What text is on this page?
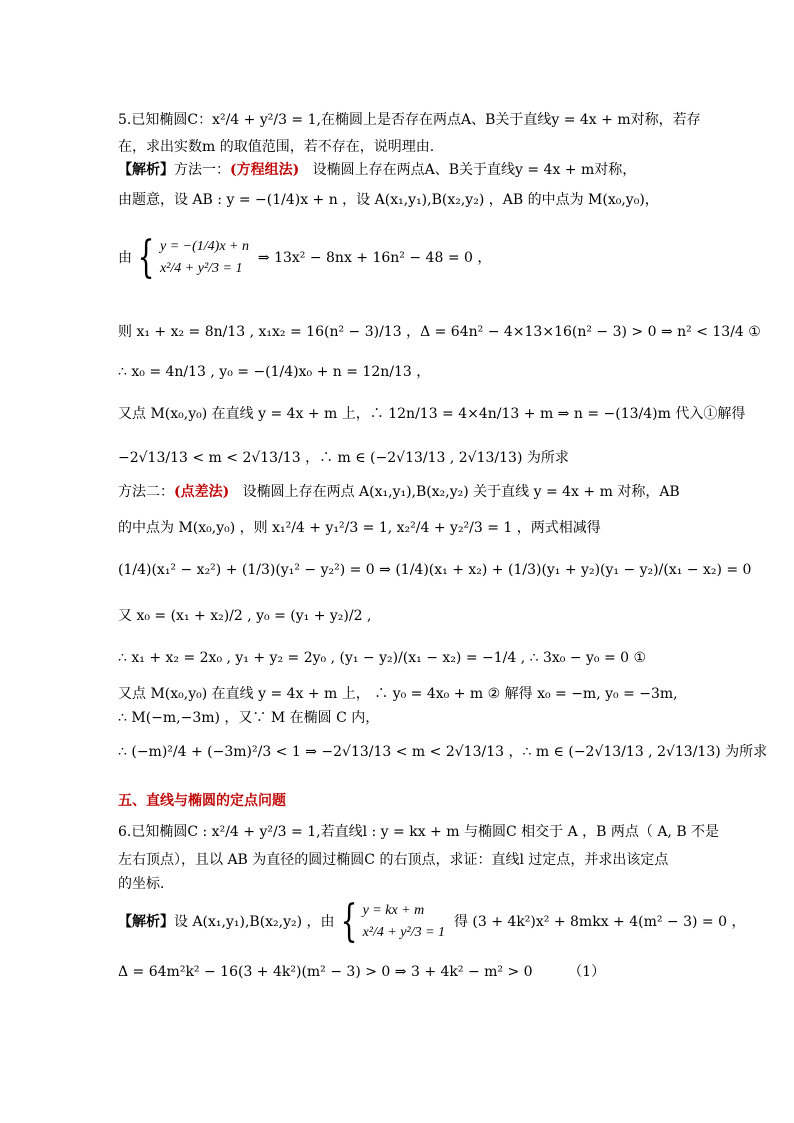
5.已知椭圆C：x²/4 + y²/3 = 1,在椭圆上是否存在两点A、B关于直线y = 4x + m对称，若存
在，求出实数m 的取值范围，若不存在，说明理由.
【解析】方法一：(方程组法) 设椭圆上存在两点A、B关于直线y = 4x + m对称，
由题意，设 AB : y = −(1/4)x + n ，设 A(x₁,y₁),B(x₂,y₂) ，AB 的中点为 M(x₀,y₀)，
由 { y = −(1/4)x + n
x²/4 + y²/3 = 1
⇒ 13x² − 8nx + 16n² − 48 = 0 ，
则 x₁ + x₂ = 8n/13 , x₁x₂ = 16(n² − 3)/13 ，Δ = 64n² − 4×13×16(n² − 3) > 0 ⇒ n² < 13/4 ①
∴ x₀ = 4n/13 , y₀ = −(1/4)x₀ + n = 12n/13 ，
又点 M(x₀,y₀) 在直线 y = 4x + m 上，∴ 12n/13 = 4×4n/13 + m ⇒ n = −(13/4)m 代入①解得
−2√13/13 < m < 2√13/13 ，∴ m ∈ (−2√13/13 , 2√13/13) 为所求
方法二：(点差法) 设椭圆上存在两点 A(x₁,y₁),B(x₂,y₂) 关于直线 y = 4x + m 对称，AB
的中点为 M(x₀,y₀) ，则 x₁²/4 + y₁²/3 = 1, x₂²/4 + y₂²/3 = 1 ，两式相减得
(1/4)(x₁² − x₂²) + (1/3)(y₁² − y₂²) = 0 ⇒ (1/4)(x₁ + x₂) + (1/3)(y₁ + y₂)(y₁ − y₂)/(x₁ − x₂) = 0
又 x₀ = (x₁ + x₂)/2 , y₀ = (y₁ + y₂)/2 ,
∴ x₁ + x₂ = 2x₀ , y₁ + y₂ = 2y₀ , (y₁ − y₂)/(x₁ − x₂) = −1/4 , ∴ 3x₀ − y₀ = 0 ①
又点 M(x₀,y₀) 在直线 y = 4x + m 上， ∴ y₀ = 4x₀ + m ② 解得 x₀ = −m, y₀ = −3m,
∴ M(−m,−3m) ，又∵ M 在椭圆 C 内，
∴ (−m)²/4 + (−3m)²/3 < 1 ⇒ −2√13/13 < m < 2√13/13 ，∴ m ∈ (−2√13/13 , 2√13/13) 为所求
五、直线与椭圆的定点问题
6.已知椭圆C : x²/4 + y²/3 = 1,若直线l : y = kx + m 与椭圆C 相交于 A ，B 两点（ A, B 不是
左右顶点），且以 AB 为直径的圆过椭圆C 的右顶点，求证：直线l 过定点，并求出该定点
的坐标．
【解析】设 A(x₁,y₁),B(x₂,y₂) ，由 { y = kx + m
x²/4 + y²/3 = 1
得 (3 + 4k²)x² + 8mkx + 4(m² − 3) = 0 ，
Δ = 64m²k² − 16(3 + 4k²)(m² − 3) > 0 ⇒ 3 + 4k² − m² > 0	（1）
